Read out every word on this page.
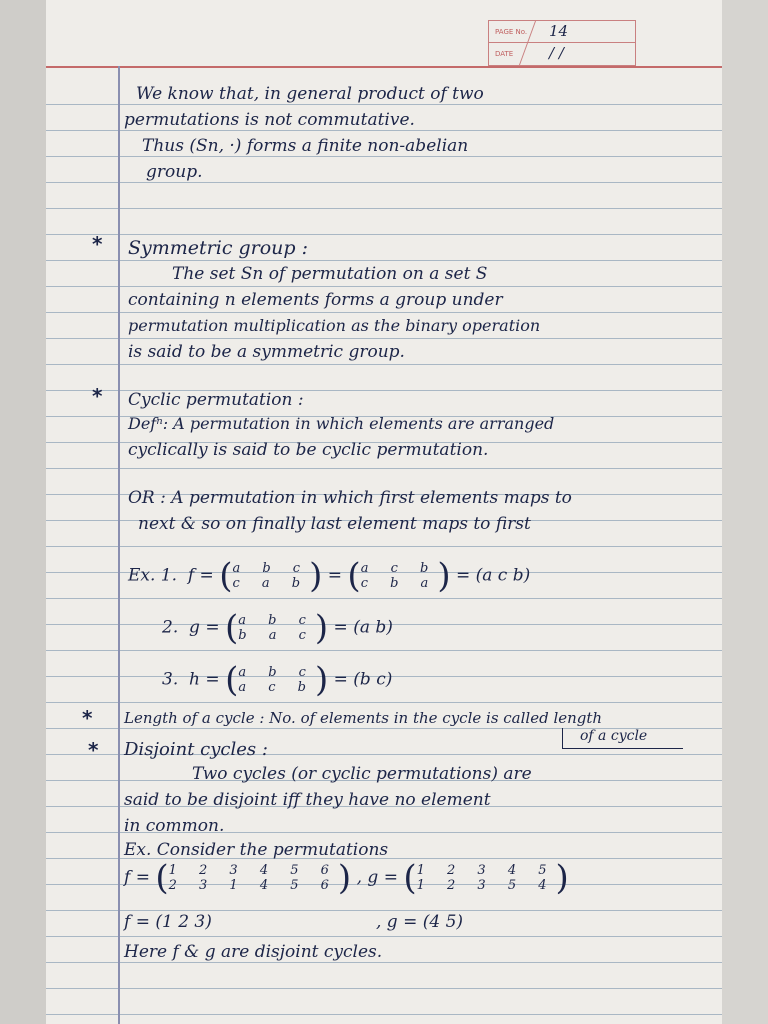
PAGE No. 14
DATE / /
We know that, in general product of two
permutations is not commutative.
Thus (Sn, ·) forms a finite non-abelian
group.
* Symmetric group :
The set Sn of permutation on a set S
containing n elements forms a group under
permutation multiplication as the binary operation
is said to be a symmetric group.
* Cyclic permutation :
Defⁿ: A permutation in which elements are arranged
cyclically is said to be cyclic permutation.
OR : A permutation in which first elements maps to
next & so on finally last element maps to first
Ex. 1. f = ( a b c
c a b ) = ( a c b
c b a ) = (a c b)
2. g = ( a b c
b a c ) = (a b)
3. h = ( a b c
a c b ) = (b c)
* Length of a cycle : No. of elements in the cycle is called length
of a cycle
* Disjoint cycles :
Two cycles (or cyclic permutations) are
said to be disjoint iff they have no element
in common.
Ex. Consider the permutations
f = ( 1 2 3 4 5 6
2 3 1 4 5 6 ) , g = ( 1 2 3 4 5
1 2 3 5 4 )
f = (1 2 3)	, g = (4 5)
Here f & g are disjoint cycles.
